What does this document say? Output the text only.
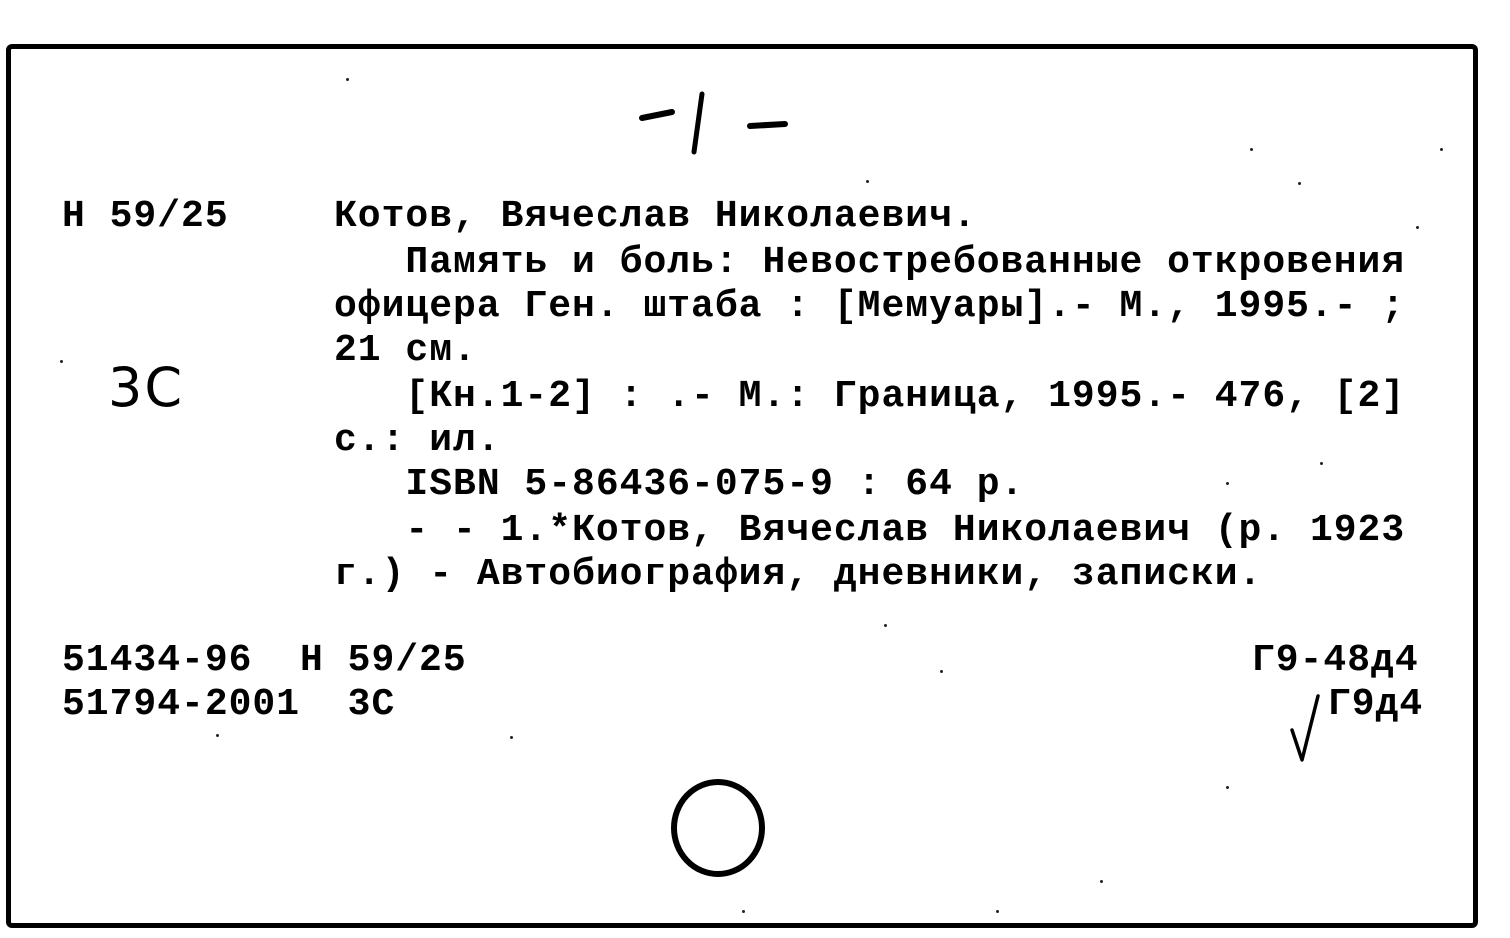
Н 59/25	Котов, Вячеслав Николаевич.
Память и боль: Невостребованные откровения
офицера Ген. штаба : [Мемуары].- М., 1995.- ;
21 см.
[Кн.1-2] : .- М.: Граница, 1995.- 476, [2]
с.: ил.
ISBN 5-86436-075-9 : 64 р.
- - 1.*Котов, Вячеслав Николаевич (р. 1923
г.) - Автобиография, дневники, записки.
3C
51434-96  Н 59/25
51794-2001  3С
Г9-48д4
Г9д4
